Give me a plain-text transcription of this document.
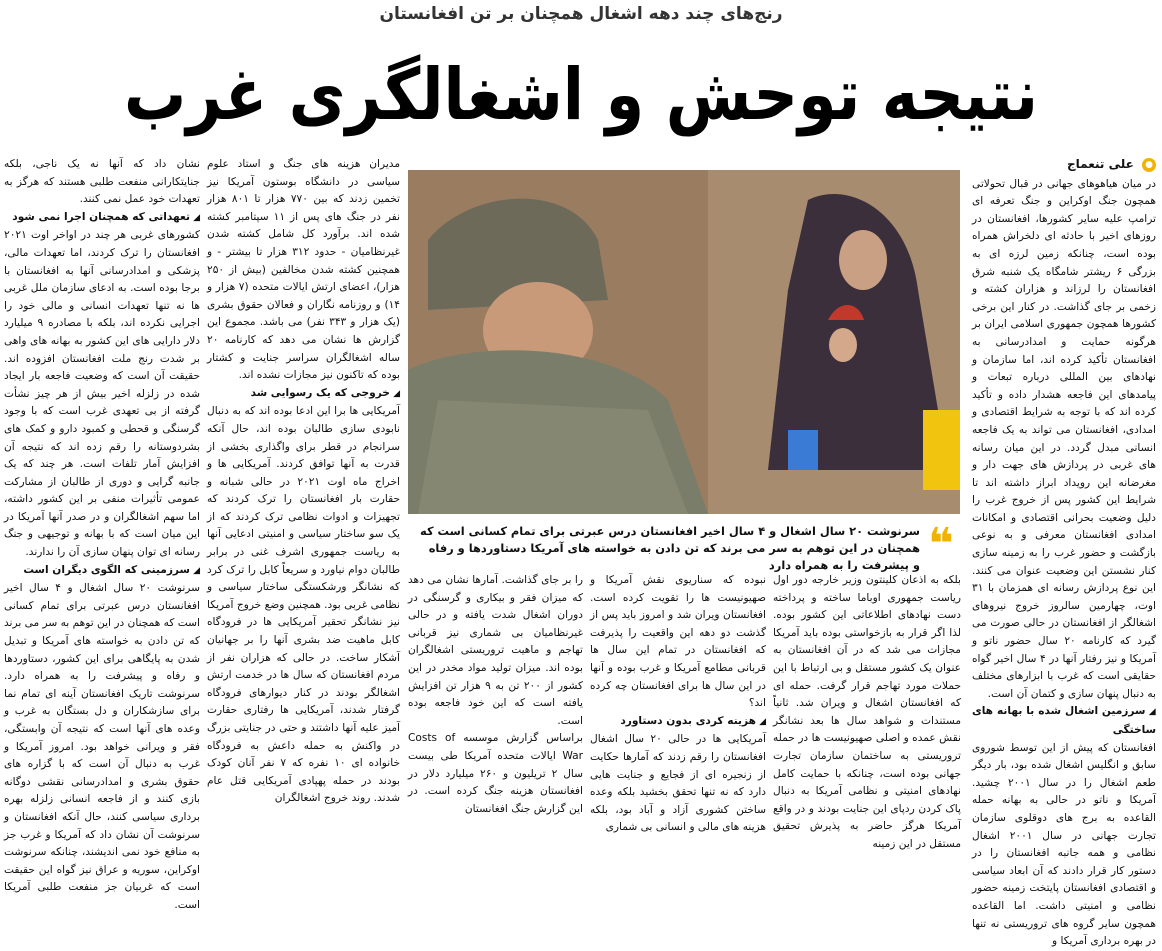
رنج‌های چند دهه اشغال همچنان بر تن افغانستان
نتیجه توحش و اشغالگری غرب
● علی تنعماج

در میان هیاهوهای جهانی در قبال تحولاتی همچون جنگ اوکراین و جنگ تعرفه ای ترامپ علیه سایر کشورها، افغانستان در روزهای اخیر با حادثه ای دلخراش همراه بوده است، چنانکه زمین لرزه ای به بزرگی ۶ ریشتر شامگاه یک شنبه شرق افغانستان را لرزاند و هزاران کشته و زخمی بر جای گذاشت. در کنار این برخی کشورها همچون جمهوری اسلامی ایران بر هرگونه حمایت و امدادرسانی به افغانستان تأکید کرده اند، اما سازمان و نهادهای بین المللی درباره تبعات و پیامدهای این فاجعه هشدار داده و تأکید کرده اند که با توجه به شرایط اقتصادی و امدادی، افغانستان می تواند به یک فاجعه انسانی مبدل گردد. در این میان رسانه های غربی در پردازش های جهت دار و مغرضانه این رویداد ابراز داشته اند تا شرایط این کشور پس از خروج غرب را دلیل وضعیت بحرانی اقتصادی و امکانات امدادی افغانستان معرفی و به نوعی بازگشت و حضور غرب را به زمینه سازی کنار نشستن این وضعیت عنوان می کنند. این نوع پردازش رسانه ای همزمان با ۳۱ اوت، چهارمین سالروز خروج نیروهای اشغالگر از افغانستان در حالی صورت می گیرد که کارنامه ۲۰ سال حضور ناتو و آمریکا و نیز رفتار آنها در ۴ سال اخیر گواه حقایقی است که غرب با ابزارهای مختلف به دنبال پنهان سازی و کتمان آن است.

◢ سرزمین اشغال شده با بهانه های ساختگی

افغانستان که پیش از این توسط شوروی سابق و انگلیس اشغال شده بود، بار دیگر طعم اشغال را در سال ۲۰۰۱ چشید. آمریکا و ناتو در حالی به بهانه حمله القاعده به برج های دوقلوی سازمان تجارت جهانی در سال ۲۰۰۱ اشغال نظامی و همه جانبه افغانستان را در دستور کار قرار دادند که آن ابعاد سیاسی و اقتصادی افغانستان پایتخت زمینه حضور نظامی و امنیتی داشت. اما القاعده همچون سایر گروه های تروریستی نه تنها در بهره برداری آمریکا و

❝
سرنوشت ۲۰ سال اشغال و ۴ سال اخیر افغانستان درس عبرتی برای تمام کسانی است که همچنان در این توهم به سر می برند که تن دادن به خواسته های آمریکا دستاوردها و رفاه و پیشرفت را به همراه دارد

بلکه به اذعان کلینتون وزیر خارجه دور اول ریاست جمهوری اوباما ساخته و پرداخته دست نهادهای اطلاعاتی این کشور بوده. لذا اگر قرار به بازخواستی بوده باید آمریکا مجازات می شد که در آن افغانستان به عنوان یک کشور مستقل و بی ارتباط با این حملات مورد تهاجم قرار گرفت. حمله ای که افغانستان اشغال و ویران شد. ثانیاً مستندات و شواهد سال ها بعد نشانگر نقش عمده و اصلی صهیونیست ها در حمله تروریستی به ساختمان سازمان تجارت جهانی بوده است، چنانکه با حمایت کامل نهادهای امنیتی و نظامی آمریکا به دنبال پاک کردن ردپای این جنایت بودند و در واقع آمریکا هرگز حاضر به پذیرش تحقیق مستقل در این زمینه

نبوده که سناریوی نقش آمریکا و صهیونیست ها را تقویت کرده است. افغانستان ویران شد و امروز باید پس از گذشت دو دهه این واقعیت را پذیرفت که افغانستان در تمام این سال ها قربانی مطامع آمریکا و غرب بوده و آنها در این سال ها برای افغانستان چه کرده اند؟

◢ هزینه کردی بدون دستاورد

آمریکایی ها در حالی ۲۰ سال اشغال افغانستان را رقم زدند که آمارها حکایت از زنجیره ای از فجایع و جنایت هایی دارد که نه تنها تحقق بخشید بلکه وعده ساختن کشوری آزاد و آباد بود، بلکه هزینه های مالی و انسانی بی شماری

را بر جای گذاشت. آمارها نشان می دهد که میزان فقر و بیکاری و گرسنگی در دوران اشغال شدت یافته و در حالی غیرنظامیان بی شماری نیز قربانی تهاجم و ماهیت تروریستی اشغالگران بوده اند. میزان تولید مواد مخدر در این کشور از ۲۰۰ تن به ۹ هزار تن افزایش یافته است که این خود فاجعه بوده است.

براساس گزارش موسسه Costs of War ایالات متحده آمریکا طی بیست سال ۲ تریلیون و ۲۶۰ میلیارد دلار در افغانستان هزینه جنگ کرده است. در این گزارش جنگ افغانستان

مدیران هزینه های جنگ و استاد علوم سیاسی در دانشگاه بوستون آمریکا نیز تخمین زدند که بین ۷۷۰ هزار تا ۸۰۱ هزار نفر در جنگ های پس از ۱۱ سپتامبر کشته شده اند. برآورد کل شامل کشته شدن غیرنظامیان - حدود ۳۱۲ هزار تا بیشتر - و همچنین کشته شدن مخالفین (بیش از ۲۵۰ هزار)، اعضای ارتش ایالات متحده (۷ هزار و ۱۴) و روزنامه نگاران و فعالان حقوق بشری (یک هزار و ۳۴۳ نفر) می باشد. مجموع این گزارش ها نشان می دهد که کارنامه ۲۰ ساله اشغالگران سراسر جنایت و کشتار بوده که تاکنون نیز مجازات نشده اند.

◢ خروجی که یک رسوایی شد

آمریکایی ها برا این ادعا بوده اند که به دنبال نابودی سازی طالبان بوده اند، حال آنکه سرانجام در قطر برای واگذاری بخشی از قدرت به آنها توافق کردند. آمریکایی ها و اخراج ماه اوت ۲۰۲۱ در حالی شبانه و حقارت بار افغانستان را ترک کردند که تجهیزات و ادوات نظامی ترک کردند که از یک سو ساختار سیاسی و امنیتی ادعایی آنها به ریاست جمهوری اشرف غنی در برابر طالبان دوام نیاورد و سریعاً کابل را ترک کرد که نشانگر ورشکستگی ساختار سیاسی و نظامی غربی بود. همچنین وضع خروج آمریکا نیز نشانگر تحقیر آمریکایی ها در فرودگاه کابل ماهیت ضد بشری آنها را بر جهانیان آشکار ساخت. در حالی که هزاران نفر از مردم افغانستان که سال ها در خدمت ارتش اشغالگر بودند در کنار دیوارهای فرودگاه گرفتار شدند، آمریکایی ها رفتاری حقارت آمیز علیه آنها داشتند و حتی در جنایتی بزرگ در واکنش به حمله داعش به فرودگاه خانواده ای ۱۰ نفره که ۷ نفر آنان کودک بودند در حمله پهپادی آمریکایی قتل عام شدند. روند خروج اشغالگران

نشان داد که آنها نه یک ناجی، بلکه جنایتکارانی منفعت طلبی هستند که هرگز به تعهدات خود عمل نمی کنند.

◢ تعهداتی که همچنان اجرا نمی شود

کشورهای غربی هر چند در اواخر اوت ۲۰۲۱ افغانستان را ترک کردند، اما تعهدات مالی، پزشکی و امدادرسانی آنها به افغانستان با برجا بوده است. به ادعای سازمان ملل غربی ها نه تنها تعهدات انسانی و مالی خود را اجرایی نکرده اند، بلکه با مصادره ۹ میلیارد دلار دارایی های این کشور به بهانه های واهی بر شدت رنج ملت افغانستان افزوده اند. حقیقت آن است که وضعیت فاجعه بار ایجاد شده در زلزله اخیر بیش از هر چیز نشأت گرفته از بی تعهدی غرب است که با وجود گرسنگی و قحطی و کمبود دارو و کمک های بشردوستانه را رقم زده اند که نتیجه آن افزایش آمار تلفات است. هر چند که یک جانبه گرایی و دوری از طالبان از مشارکت عمومی تأثیرات منفی بر این کشور داشته، اما سهم اشغالگران و در صدر آنها آمریکا در این میان است که با بهانه و توجیهی و جنگ رسانه ای توان پنهان سازی آن را ندارند.

◢ سرزمینی که الگوی دیگران است

سرنوشت ۲۰ سال اشغال و ۴ سال اخیر افغانستان درس عبرتی برای تمام کسانی است که همچنان در این توهم به سر می برند که تن دادن به خواسته های آمریکا و تبدیل شدن به پایگاهی برای این کشور، دستاوردها و رفاه و پیشرفت را به همراه دارد. سرنوشت تاریک افغانستان آینه ای تمام نما برای سازشکاران و دل بستگان به غرب و وعده های آنها است که نتیجه آن وابستگی، فقر و ویرانی خواهد بود. امروز آمریکا و غرب به دنبال آن است که با گزاره های حقوق بشری و امدادرسانی نقشی دوگانه بازی کنند و از فاجعه انسانی زلزله بهره برداری سیاسی کنند، حال آنکه افغانستان و سرنوشت آن نشان داد که آمریکا و غرب جز به منافع خود نمی اندیشند، چنانکه سرنوشت اوکراین، سوریه و عراق نیز گواه این حقیقت است که غربیان جز منفعت طلبی آمریکا است.
